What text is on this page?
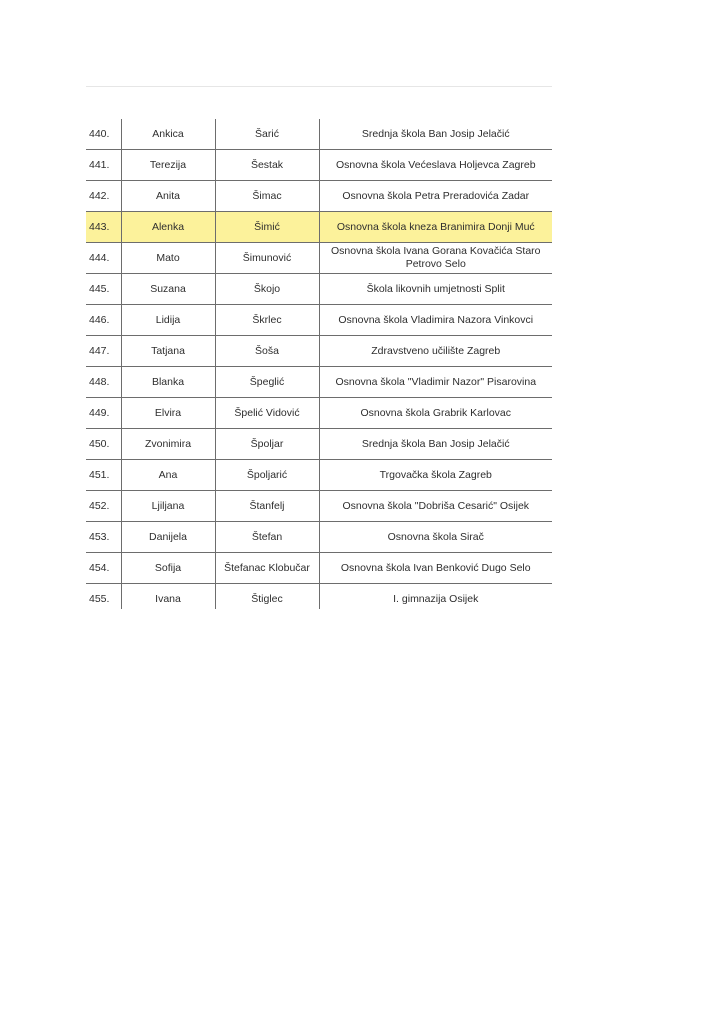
440.	Ankica	Šarić	Srednja škola Ban Josip Jelačić
441.	Terezija	Šestak	Osnovna škola Većeslava Holjevca Zagreb
442.	Anita	Šimac	Osnovna škola Petra Preradovića Zadar
443.	Alenka	Šimić	Osnovna škola kneza Branimira Donji Muć
444.	Mato	Šimunović	Osnovna škola Ivana Gorana Kovačića Staro Petrovo Selo
445.	Suzana	Škojo	Škola likovnih umjetnosti Split
446.	Lidija	Škrlec	Osnovna škola Vladimira Nazora Vinkovci
447.	Tatjana	Šoša	Zdravstveno učilište Zagreb
448.	Blanka	Špeglić	Osnovna škola "Vladimir Nazor" Pisarovina
449.	Elvira	Špelić Vidović	Osnovna škola Grabrik Karlovac
450.	Zvonimira	Špoljar	Srednja škola Ban Josip Jelačić
451.	Ana	Špoljarić	Trgovačka škola Zagreb
452.	Ljiljana	Štanfelj	Osnovna škola "Dobriša Cesarić" Osijek
453.	Danijela	Štefan	Osnovna škola Sirač
454.	Sofija	Štefanac Klobučar	Osnovna škola Ivan Benković Dugo Selo
455.	Ivana	Štiglec	I. gimnazija Osijek
